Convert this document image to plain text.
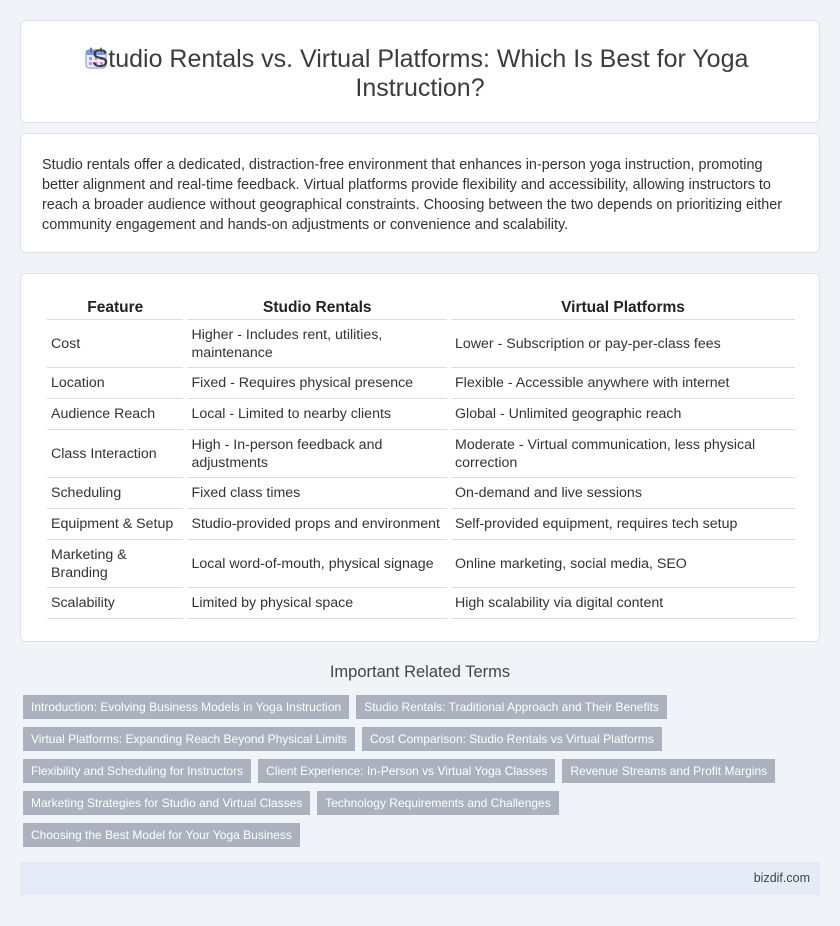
Studio Rentals vs. Virtual Platforms: Which Is Best for Yoga Instruction?

Studio rentals offer a dedicated, distraction-free environment that enhances in-person yoga instruction, promoting better alignment and real-time feedback. Virtual platforms provide flexibility and accessibility, allowing instructors to reach a broader audience without geographical constraints. Choosing between the two depends on prioritizing either community engagement and hands-on adjustments or convenience and scalability.

Feature	Studio Rentals	Virtual Platforms
Cost	Higher - Includes rent, utilities, maintenance	Lower - Subscription or pay-per-class fees
Location	Fixed - Requires physical presence	Flexible - Accessible anywhere with internet
Audience Reach	Local - Limited to nearby clients	Global - Unlimited geographic reach
Class Interaction	High - In-person feedback and adjustments	Moderate - Virtual communication, less physical correction
Scheduling	Fixed class times	On-demand and live sessions
Equipment & Setup	Studio-provided props and environment	Self-provided equipment, requires tech setup
Marketing & Branding	Local word-of-mouth, physical signage	Online marketing, social media, SEO
Scalability	Limited by physical space	High scalability via digital content
Important Related Terms
Introduction: Evolving Business Models in Yoga Instruction	Studio Rentals: Traditional Approach and Their Benefits
Virtual Platforms: Expanding Reach Beyond Physical Limits	Cost Comparison: Studio Rentals vs Virtual Platforms
Flexibility and Scheduling for Instructors	Client Experience: In-Person vs Virtual Yoga Classes	Revenue Streams and Profit Margins
Marketing Strategies for Studio and Virtual Classes	Technology Requirements and Challenges
Choosing the Best Model for Your Yoga Business
bizdif.com
